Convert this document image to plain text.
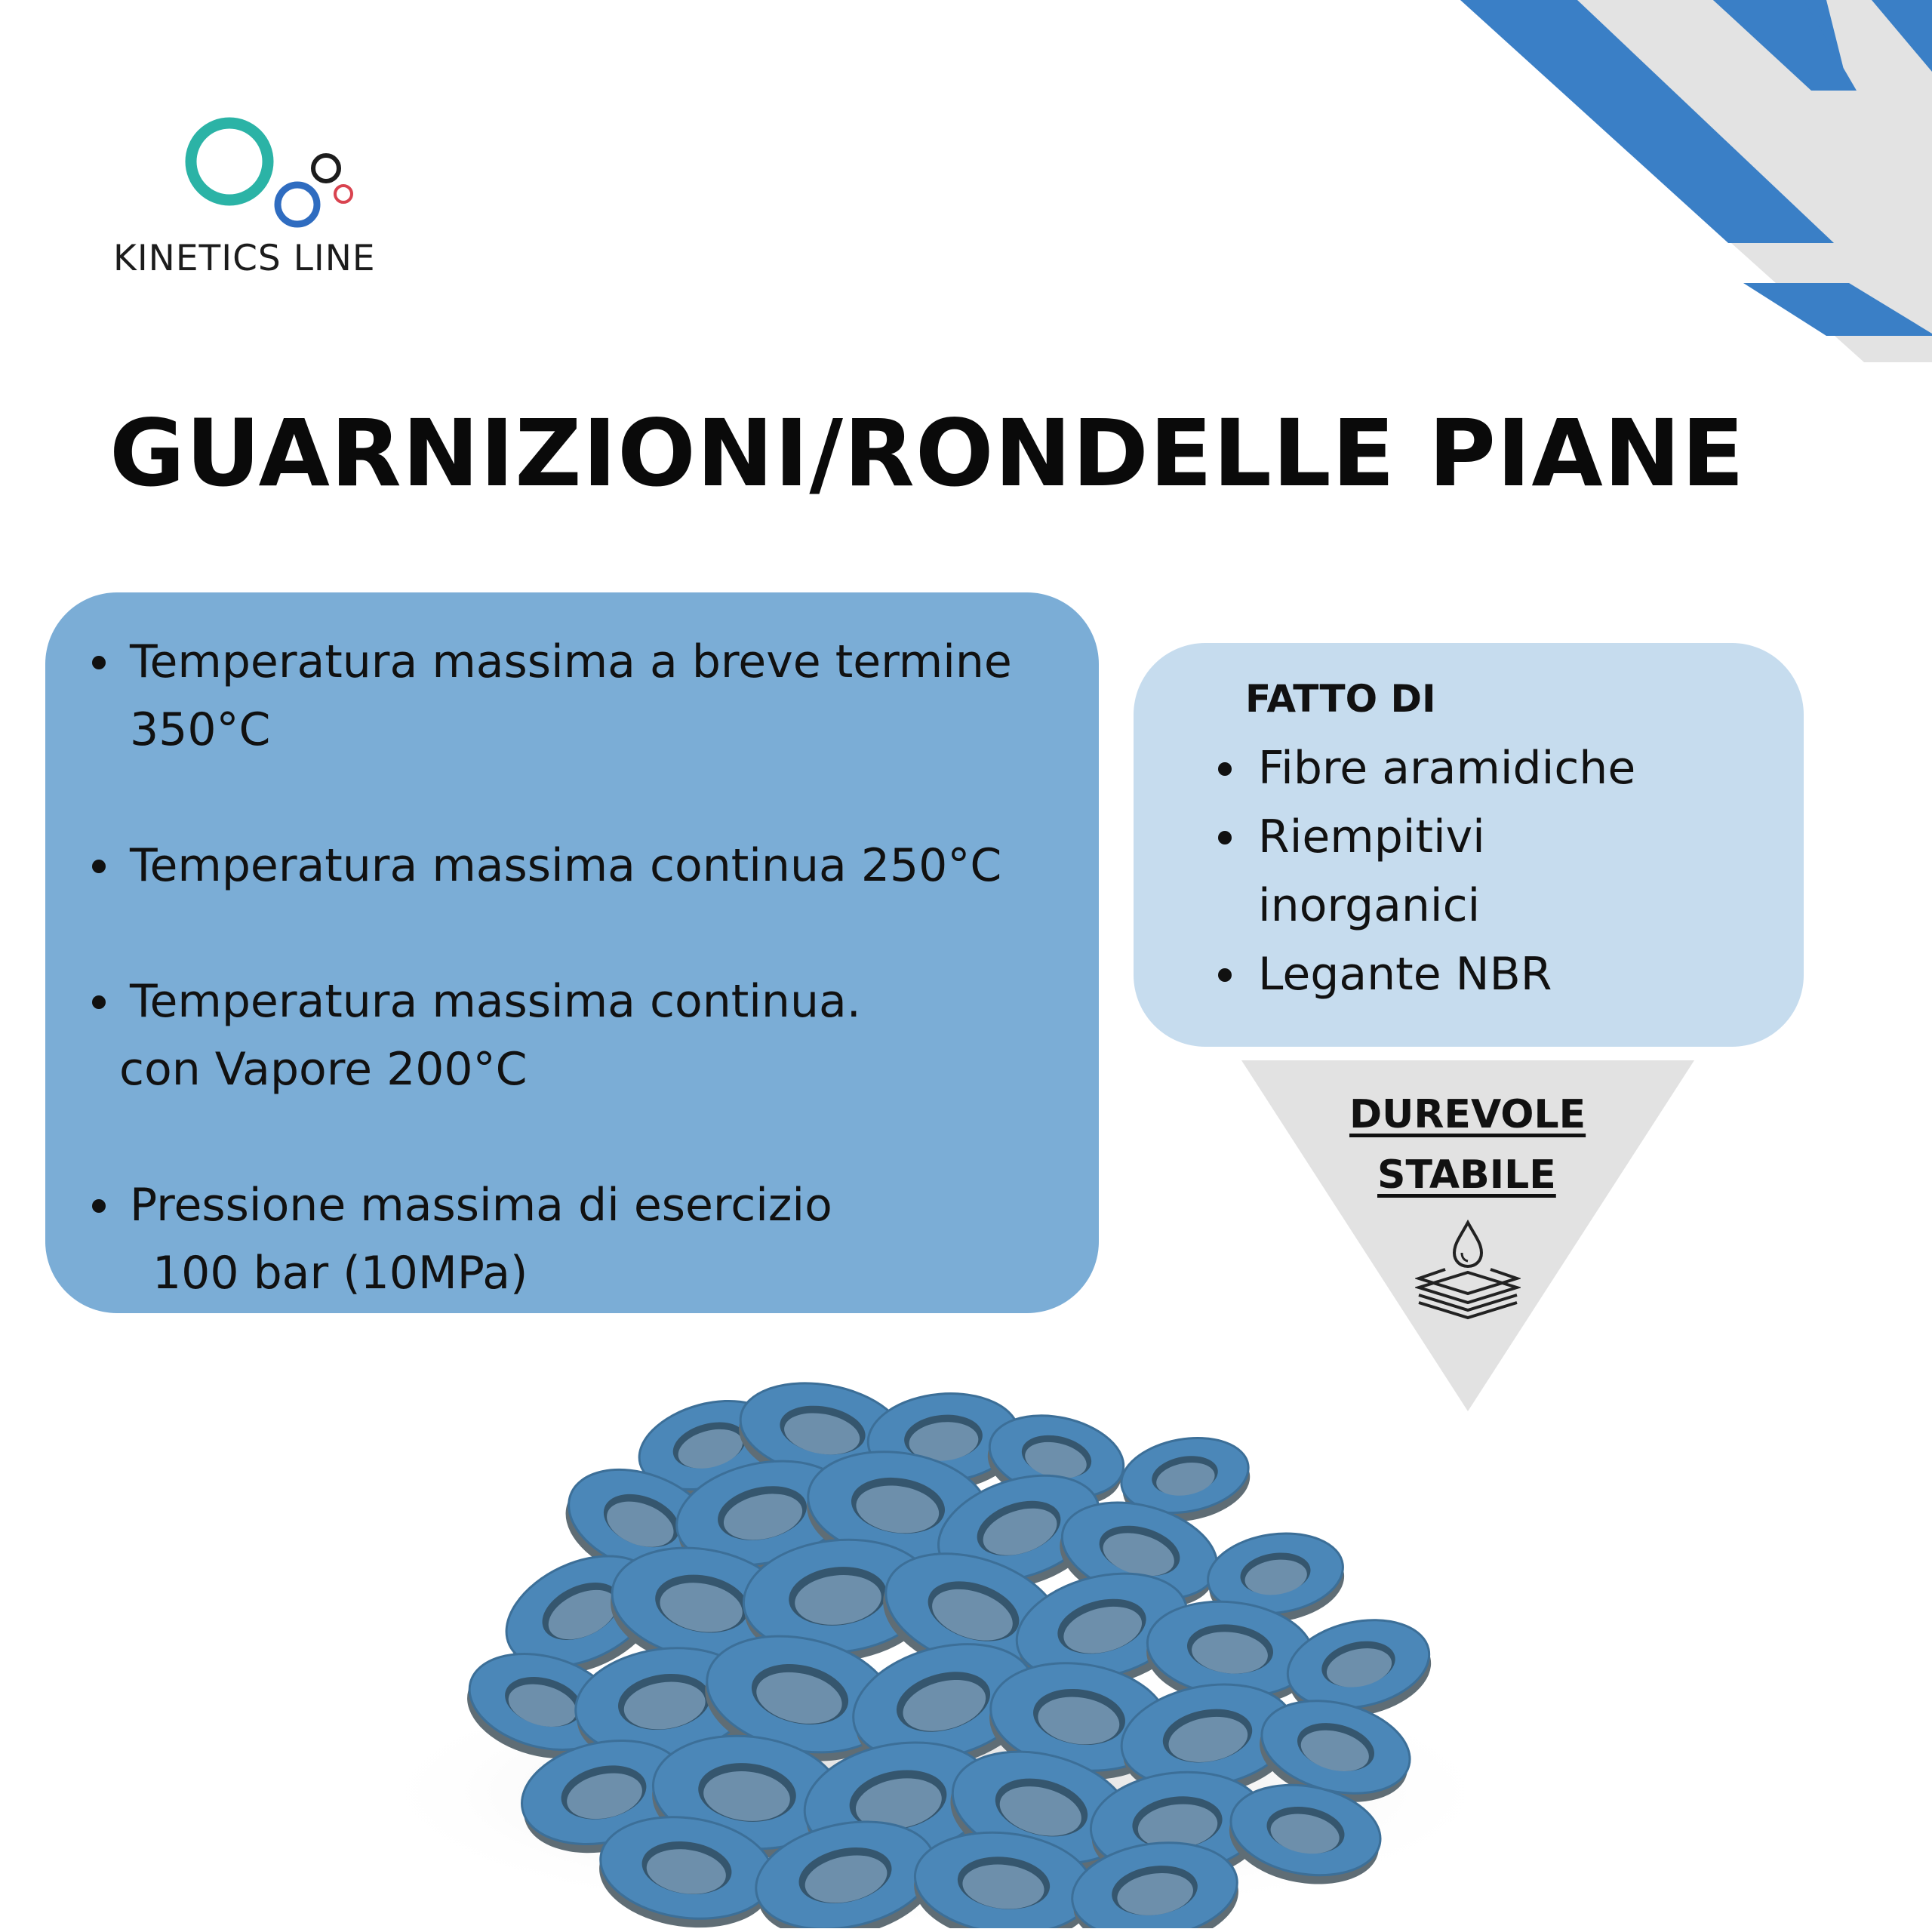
KINETICS LINE
GUARNIZIONI/RONDELLE PIANE
Temperatura massima a breve termine
350°C
Temperatura massima continua 250°C
Temperatura massima continua.
con Vapore 200°C
Pressione massima di esercizio
100 bar (10MPa)
FATTO DI
Fibre aramidiche
Riempitivi
inorganici
Legante NBR
DUREVOLE
STABILE
